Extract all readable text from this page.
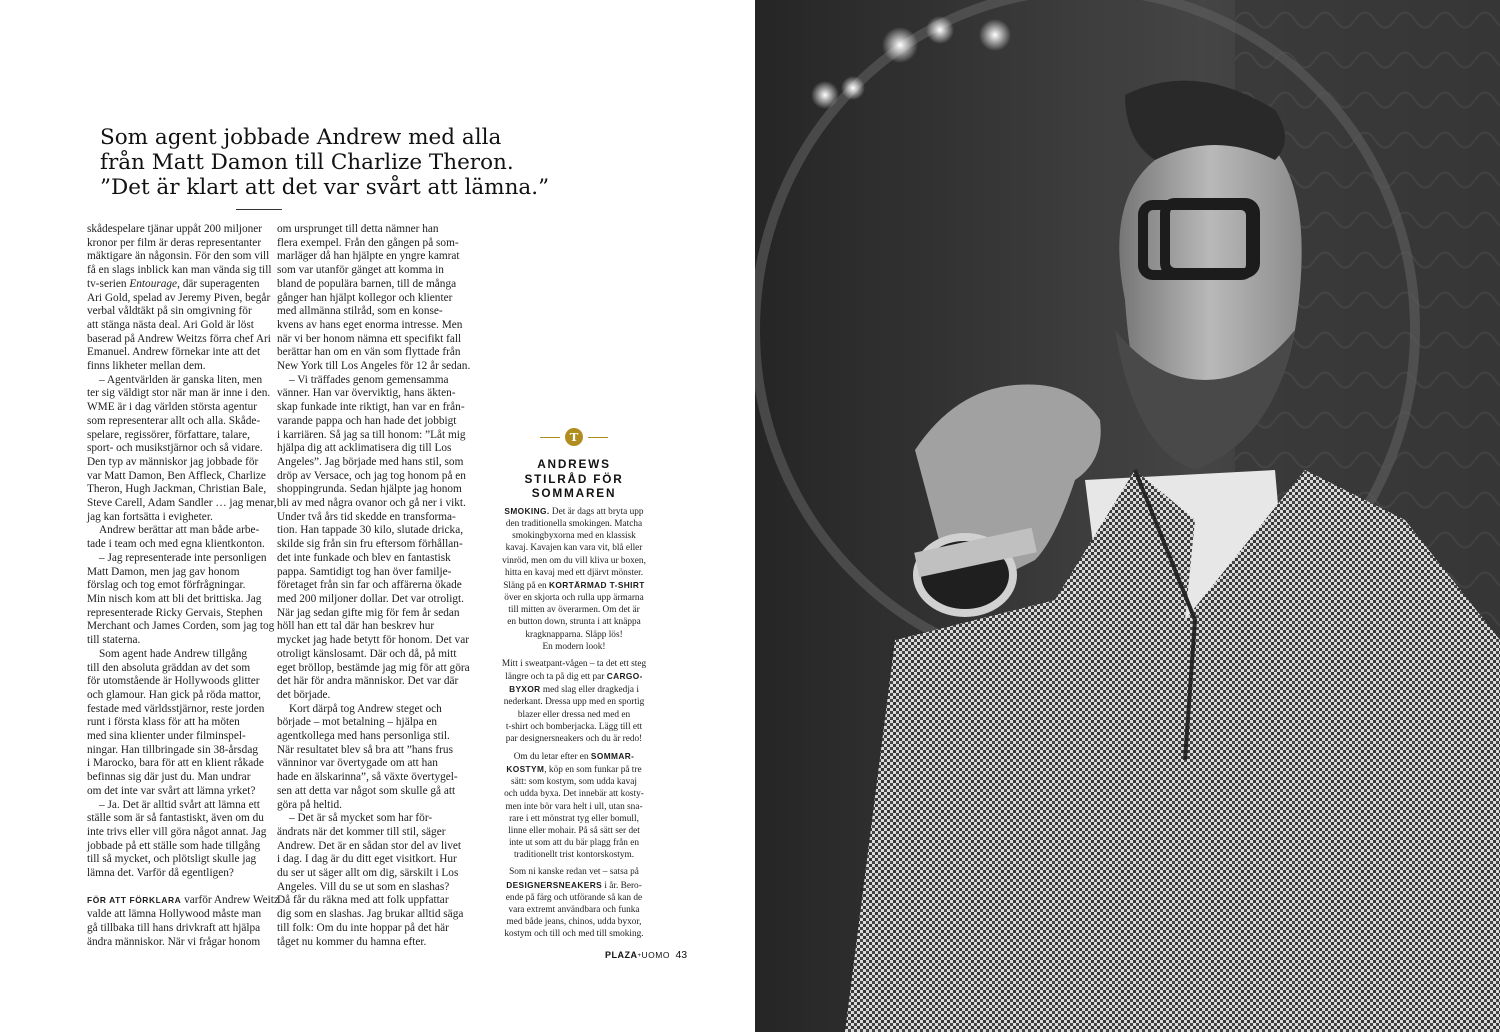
Som agent jobbade Andrew med alla
från Matt Damon till Charlize Theron.
”Det är klart att det var svårt att lämna.”

skådespelare tjänar uppåt 200 miljoner

kronor per film är deras representanter

mäktigare än någonsin. För den som vill

få en slags inblick kan man vända sig till

tv-serien Entourage, där superagenten

Ari Gold, spelad av Jeremy Piven, begår

verbal våldtäkt på sin omgivning för

att stänga nästa deal. Ari Gold är löst

baserad på Andrew Weitzs förra chef Ari

Emanuel. Andrew förnekar inte att det

finns likheter mellan dem.

– Agentvärlden är ganska liten, men

ter sig väldigt stor när man är inne i den.

WME är i dag världen största agentur

som representerar allt och alla. Skåde-

spelare, regissörer, författare, talare,

sport- och musikstjärnor och så vidare.

Den typ av människor jag jobbade för

var Matt Damon, Ben Affleck, Charlize

Theron, Hugh Jackman, Christian Bale,

Steve Carell, Adam Sandler … jag menar,

jag kan fortsätta i evigheter.

Andrew berättar att man både arbe-

tade i team och med egna klientkonton.

– Jag representerade inte personligen

Matt Damon, men jag gav honom

förslag och tog emot förfrågningar.

Min nisch kom att bli det brittiska. Jag

representerade Ricky Gervais, Stephen

Merchant och James Corden, som jag tog

till staterna.

Som agent hade Andrew tillgång

till den absoluta gräddan av det som

för utomstående är Hollywoods glitter

och glamour. Han gick på röda mattor,

festade med världsstjärnor, reste jorden

runt i första klass för att ha möten

med sina klienter under filminspel-

ningar. Han tillbringade sin 38-årsdag

i Marocko, bara för att en klient råkade

befinnas sig där just du. Man undrar

om det inte var svårt att lämna yrket?

– Ja. Det är alltid svårt att lämna ett

ställe som är så fantastiskt, även om du

inte trivs eller vill göra något annat. Jag

jobbade på ett ställe som hade tillgång

till så mycket, och plötsligt skulle jag

lämna det. Varför då egentligen?

FÖR ATT FÖRKLARA varför Andrew Weitz

valde att lämna Hollywood måste man

gå tillbaka till hans drivkraft att hjälpa

ändra människor. När vi frågar honom

om ursprunget till detta nämner han

flera exempel. Från den gången på som-

marläger då han hjälpte en yngre kamrat

som var utanför gänget att komma in

bland de populära barnen, till de många

gånger han hjälpt kollegor och klienter

med allmänna stilråd, som en konse-

kvens av hans eget enorma intresse. Men

när vi ber honom nämna ett specifikt fall

berättar han om en vän som flyttade från

New York till Los Angeles för 12 år sedan.

– Vi träffades genom gemensamma

vänner. Han var överviktig, hans äkten-

skap funkade inte riktigt, han var en från-

varande pappa och han hade det jobbigt

i karriären. Så jag sa till honom: ”Låt mig

hjälpa dig att acklimatisera dig till Los

Angeles”. Jag började med hans stil, som

dröp av Versace, och jag tog honom på en

shoppingrunda. Sedan hjälpte jag honom

bli av med några ovanor och gå ner i vikt.

Under två års tid skedde en transforma-

tion. Han tappade 30 kilo, slutade dricka,

skilde sig från sin fru eftersom förhållan-

det inte funkade och blev en fantastisk

pappa. Samtidigt tog han över familje-

företaget från sin far och affärerna ökade

med 200 miljoner dollar. Det var otroligt.

När jag sedan gifte mig för fem år sedan

höll han ett tal där han beskrev hur

mycket jag hade betytt för honom. Det var

otroligt känslosamt. Där och då, på mitt

eget bröllop, bestämde jag mig för att göra

det här för andra människor. Det var där

det började.

Kort därpå tog Andrew steget och

började – mot betalning – hjälpa en

agentkollega med hans personliga stil.

När resultatet blev så bra att ”hans frus

vänninor var övertygade om att han

hade en älskarinna”, så växte övertygel-

sen att detta var något som skulle gå att

göra på heltid.

– Det är så mycket som har för-

ändrats när det kommer till stil, säger

Andrew. Det är en sådan stor del av livet

i dag. I dag är du ditt eget visitkort. Hur

du ser ut säger allt om dig, särskilt i Los

Angeles. Vill du se ut som en slashas?

Då får du räkna med att folk uppfattar

dig som en slashas. Jag brukar alltid säga

till folk: Om du inte hoppar på det här

tåget nu kommer du hamna efter.

T
ANDREWS
STILRÅD FÖR
SOMMAREN

SMOKING. Det är dags att bryta upp

den traditionella smokingen. Matcha

smokingbyxorna med en klassisk

kavaj. Kavajen kan vara vit, blå eller

vinröd, men om du vill kliva ur boxen,

hitta en kavaj med ett djärvt mönster.

Släng på en KORTÄRMAD T-SHIRT

över en skjorta och rulla upp ärmarna

till mitten av överarmen. Om det är

en button down, strunta i att knäppa

kragknapparna. Släpp lös!

En modern look!

Mitt i sweatpant-vågen – ta det ett steg

längre och ta på dig ett par CARGO-

BYXOR med slag eller dragkedja i

nederkant. Dressa upp med en sportig

blazer eller dressa ned med en

t-shirt och bomberjacka. Lägg till ett

par designersneakers och du är redo!

Om du letar efter en SOMMAR-

KOSTYM, köp en som funkar på tre

sätt: som kostym, som udda kavaj

och udda byxa. Det innebär att kosty-

men inte bör vara helt i ull, utan sna-

rare i ett mönstrat tyg eller bomull,

linne eller mohair. På så sätt ser det

inte ut som att du bär plagg från en

traditionellt trist kontorskostym.

Som ni kanske redan vet – satsa på

DESIGNERSNEAKERS i år. Bero-

ende på färg och utförande så kan de

vara extremt användbara och funka

med både jeans, chinos, udda byxor,

kostym och till och med till smoking.

PLAZA+UOMO 43
